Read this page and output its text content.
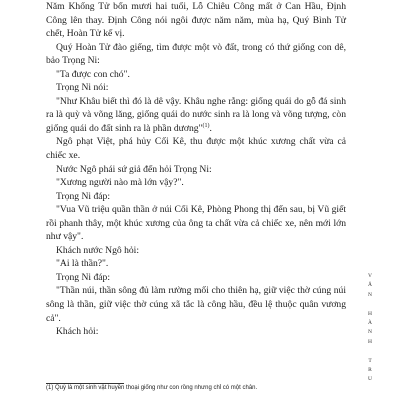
Năm Khổng Tử bốn mươi hai tuổi, Lỗ Chiêu Công mất ở Can Hầu, Định Công lên thay. Định Công nói ngôi được năm năm, mùa hạ, Quý Bình Tử chết, Hoàn Tử kế vị.

Quý Hoàn Tử đào giếng, tìm được một vò đất, trong có thứ giống con dê, bảo Trọng Ni:

"Ta được con chó".

Trọng Ni nói:

"Như Khâu biết thì đó là dê vậy. Khâu nghe rằng: giống quái do gỗ đá sinh ra là quỳ và võng lăng, giống quái do nước sinh ra là long và võng tượng, còn giống quái do đất sinh ra là phần dương"$^{(1)}$.

Ngô phạt Việt, phá hủy Cối Kê, thu được một khúc xương chất vừa cả chiếc xe.

Nước Ngô phái sứ giả đến hỏi Trọng Ni:

"Xương người nào mà lớn vậy?".

Trọng Ni đáp:

"Vua Vũ triệu quần thần ở núi Cối Kê, Phòng Phong thị đến sau, bị Vũ giết rồi phanh thây, một khúc xương của ông ta chất vừa cả chiếc xe, nên mới lớn như vậy".

Khách nước Ngô hỏi:

"Ai là thần?".

Trọng Ni đáp:

"Thần núi, thần sông đủ làm rường mối cho thiên hạ, giữ việc thờ cúng núi sông là thần, giữ việc thờ cúng xã tắc là công hầu, đều lệ thuộc quân vương cả".

Khách hỏi:

(1) Quỳ là một sinh vật huyền thoại giống như con rồng nhưng chỉ có một chân.
V
Ă
N
H
À
N
H
T
R
U
